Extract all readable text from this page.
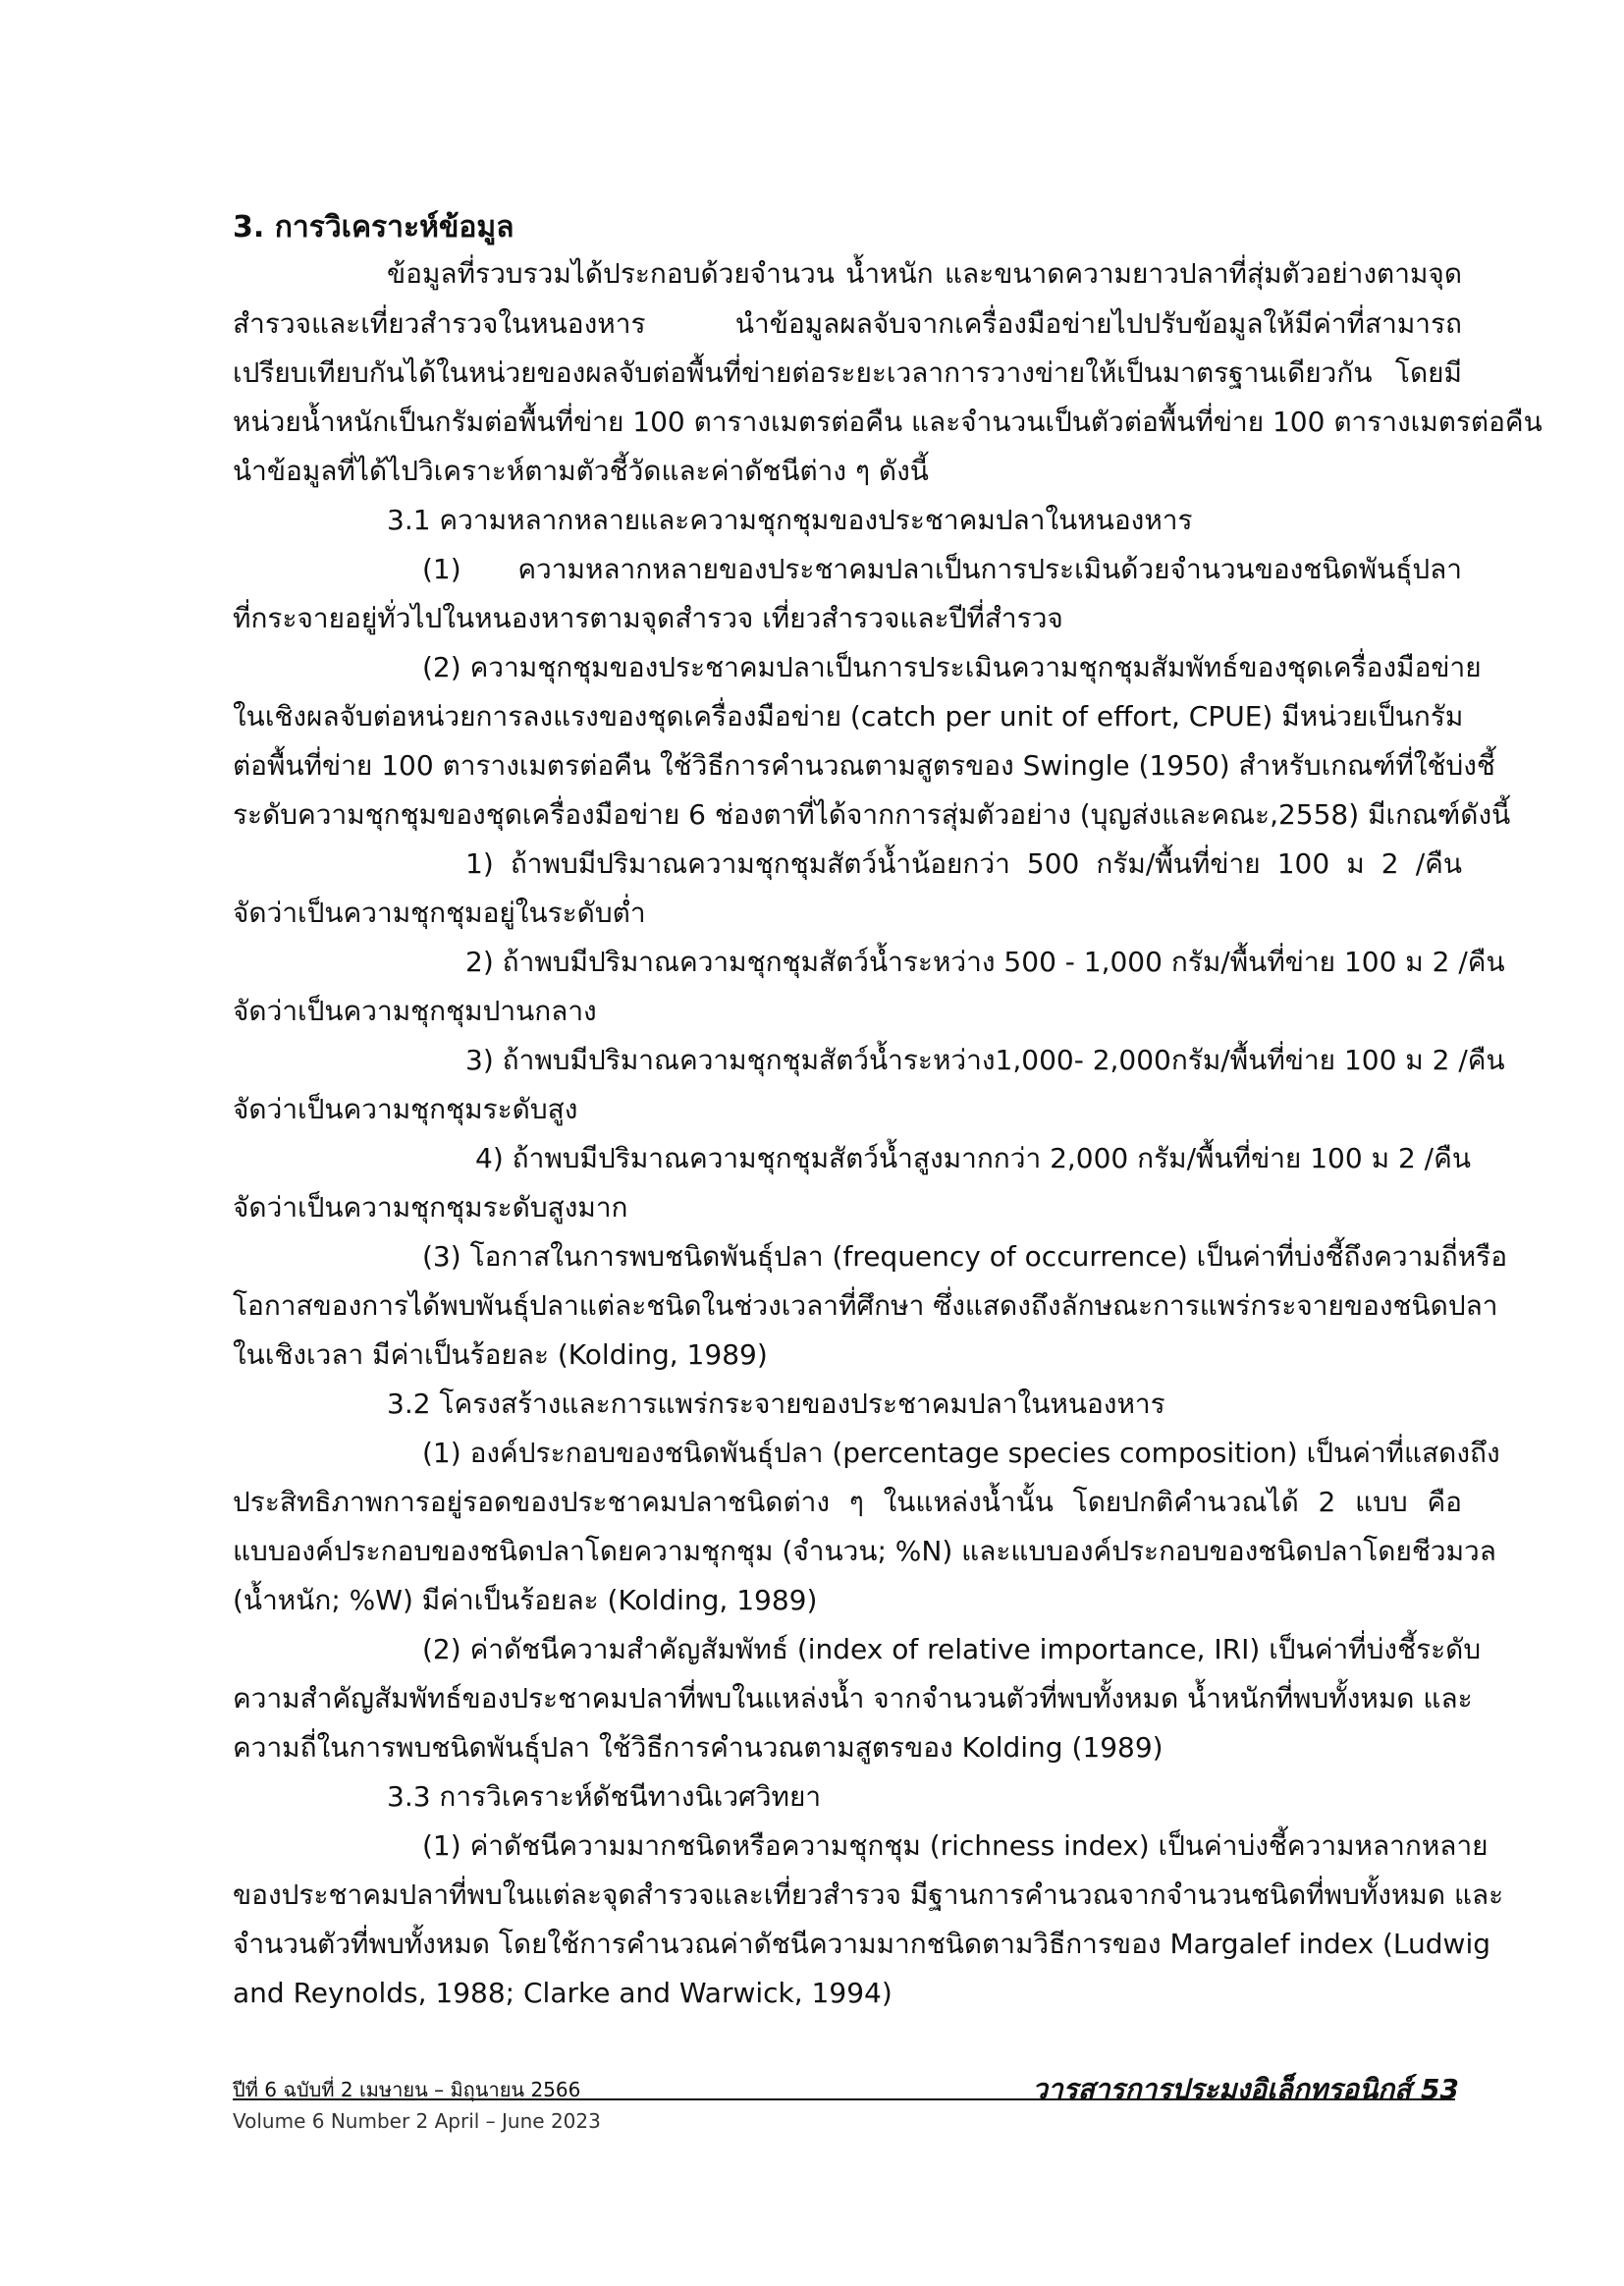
3. การวิเคราะห์ข้อมูล
ข้อมูลที่รวบรวมได้ประกอบด้วยจำนวน น้ำหนัก และขนาดความยาวปลาที่สุ่มตัวอย่างตามจุด
สำรวจและเที่ยวสำรวจในหนองหาร นำข้อมูลผลจับจากเครื่องมือข่ายไปปรับข้อมูลให้มีค่าที่สามารถ
เปรียบเทียบกันได้ในหน่วยของผลจับต่อพื้นที่ข่ายต่อระยะเวลาการวางข่ายให้เป็นมาตรฐานเดียวกัน โดยมี
หน่วยน้ำหนักเป็นกรัมต่อพื้นที่ข่าย 100 ตารางเมตรต่อคืน และจำนวนเป็นตัวต่อพื้นที่ข่าย 100 ตารางเมตรต่อคืน
นำข้อมูลที่ได้ไปวิเคราะห์ตามตัวชี้วัดและค่าดัชนีต่าง ๆ ดังนี้
3.1 ความหลากหลายและความชุกชุมของประชาคมปลาในหนองหาร
(1) ความหลากหลายของประชาคมปลาเป็นการประเมินด้วยจำนวนของชนิดพันธุ์ปลา
ที่กระจายอยู่ทั่วไปในหนองหารตามจุดสำรวจ เที่ยวสำรวจและปีที่สำรวจ
(2) ความชุกชุมของประชาคมปลาเป็นการประเมินความชุกชุมสัมพัทธ์ของชุดเครื่องมือข่าย
ในเชิงผลจับต่อหน่วยการลงแรงของชุดเครื่องมือข่าย (catch per unit of effort, CPUE) มีหน่วยเป็นกรัม
ต่อพื้นที่ข่าย 100 ตารางเมตรต่อคืน ใช้วิธีการคำนวณตามสูตรของ Swingle (1950) สำหรับเกณฑ์ที่ใช้บ่งชี้
ระดับความชุกชุมของชุดเครื่องมือข่าย 6 ช่องตาที่ได้จากการสุ่มตัวอย่าง (บุญส่งและคณะ,2558) มีเกณฑ์ดังนี้
1) ถ้าพบมีปริมาณความชุกชุมสัตว์น้ำน้อยกว่า 500 กรัม/พื้นที่ข่าย 100 ม 2 /คืน
จัดว่าเป็นความชุกชุมอยู่ในระดับต่ำ
2) ถ้าพบมีปริมาณความชุกชุมสัตว์น้ำระหว่าง 500 - 1,000 กรัม/พื้นที่ข่าย 100 ม 2 /คืน
จัดว่าเป็นความชุกชุมปานกลาง
3) ถ้าพบมีปริมาณความชุกชุมสัตว์น้ำระหว่าง1,000- 2,000กรัม/พื้นที่ข่าย 100 ม 2 /คืน
จัดว่าเป็นความชุกชุมระดับสูง
4) ถ้าพบมีปริมาณความชุกชุมสัตว์น้ำสูงมากกว่า 2,000 กรัม/พื้นที่ข่าย 100 ม 2 /คืน
จัดว่าเป็นความชุกชุมระดับสูงมาก
(3) โอกาสในการพบชนิดพันธุ์ปลา (frequency of occurrence) เป็นค่าที่บ่งชี้ถึงความถี่หรือ
โอกาสของการได้พบพันธุ์ปลาแต่ละชนิดในช่วงเวลาที่ศึกษา ซึ่งแสดงถึงลักษณะการแพร่กระจายของชนิดปลา
ในเชิงเวลา มีค่าเป็นร้อยละ (Kolding, 1989)
3.2 โครงสร้างและการแพร่กระจายของประชาคมปลาในหนองหาร
(1) องค์ประกอบของชนิดพันธุ์ปลา (percentage species composition) เป็นค่าที่แสดงถึง
ประสิทธิภาพการอยู่รอดของประชาคมปลาชนิดต่าง ๆ ในแหล่งน้ำนั้น โดยปกติคำนวณได้ 2 แบบ คือ
แบบองค์ประกอบของชนิดปลาโดยความชุกชุม (จำนวน; %N) และแบบองค์ประกอบของชนิดปลาโดยชีวมวล
(น้ำหนัก; %W) มีค่าเป็นร้อยละ (Kolding, 1989)
(2) ค่าดัชนีความสำคัญสัมพัทธ์ (index of relative importance, IRI) เป็นค่าที่บ่งชี้ระดับ
ความสำคัญสัมพัทธ์ของประชาคมปลาที่พบในแหล่งน้ำ จากจำนวนตัวที่พบทั้งหมด น้ำหนักที่พบทั้งหมด และ
ความถี่ในการพบชนิดพันธุ์ปลา ใช้วิธีการคำนวณตามสูตรของ Kolding (1989)
3.3 การวิเคราะห์ดัชนีทางนิเวศวิทยา
(1) ค่าดัชนีความมากชนิดหรือความชุกชุม (richness index) เป็นค่าบ่งชี้ความหลากหลาย
ของประชาคมปลาที่พบในแต่ละจุดสำรวจและเที่ยวสำรวจ มีฐานการคำนวณจากจำนวนชนิดที่พบทั้งหมด และ
จำนวนตัวที่พบทั้งหมด โดยใช้การคำนวณค่าดัชนีความมากชนิดตามวิธีการของ Margalef index (Ludwig
and Reynolds, 1988; Clarke and Warwick, 1994)
ปีที่ 6 ฉบับที่ 2 เมษายน – มิถุนายน 2566	วารสารการประมงอิเล็กทรอนิกส์ 53
Volume 6 Number 2 April – June 2023
